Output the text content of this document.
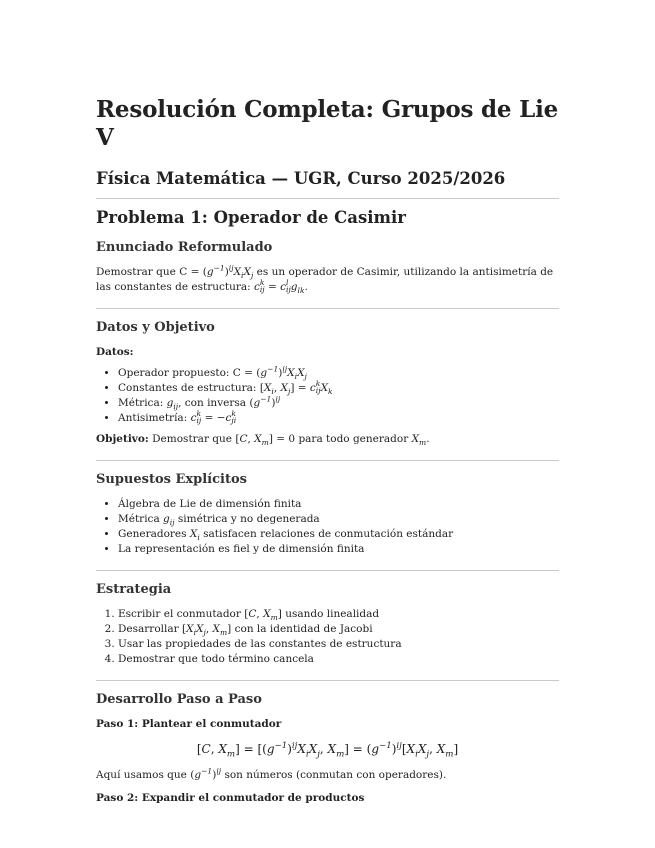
Resolución Completa: Grupos de Lie V
Física Matemática — UGR, Curso 2025/2026
Problema 1: Operador de Casimir
Enunciado Reformulado

Demostrar que $C = (g^{-1})^{ij}X_iX_j$ es un operador de Casimir, utilizando la antisimetría de las constantes de estructura: c k
ij = c l
ij $g_{lk}$.

Datos y Objetivo

Datos:

• Operador propuesto: $C = (g^{-1})^{ij}X_iX_j$
• Constantes de estructura: [$X_i$, $X_j] = c$ k
ij $X_k$
• Métrica: $g_{ij}$, con inversa $(g^{-1})^{ij}$
• Antisimetría: c k
ij = −c k
ji

Objetivo: Demostrar que [C, $X_m] = 0$ para todo generador $X_m$.

Supuestos Explícitos
• Álgebra de Lie de dimensión finita
• Métrica $g_{ij}$ simétrica y no degenerada
• Generadores $X_i$ satisfacen relaciones de conmutación estándar
• La representación es fiel y de dimensión finita
Estrategia
1. Escribir el conmutador [C, $X_m$] usando linealidad
2. Desarrollar [$X_iX_j$, $X_m$] con la identidad de Jacobi
3. Usar las propiedades de las constantes de estructura
4. Demostrar que todo término cancela
Desarrollo Paso a Paso

Paso 1: Plantear el conmutador

[C, $X_m] = [(g^{-1})^{ij}X_iX_j$, $X_m] = (g^{-1})^{ij}[X_iX_j$, $X_m$]

Aquí usamos que $(g^{-1})^{ij}$ son números (conmutan con operadores).

Paso 2: Expandir el conmutador de productos
